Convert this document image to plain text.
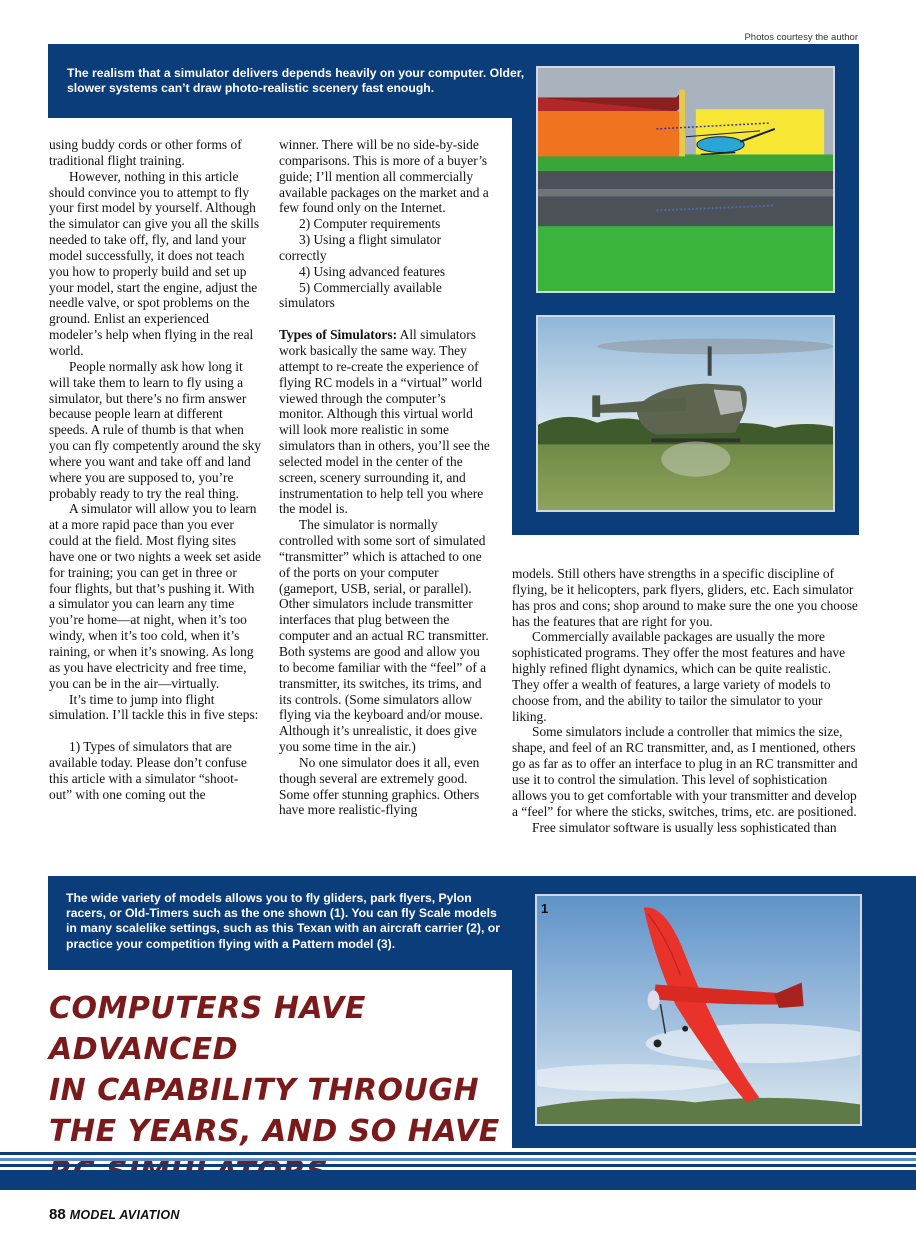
Photos courtesy the author
The realism that a simulator delivers depends heavily on your computer. Older, slower systems can’t draw photo-realistic scenery fast enough.

using buddy cords or other forms of traditional flight training.

However, nothing in this article should convince you to attempt to fly your first model by yourself. Although the simulator can give you all the skills needed to take off, fly, and land your model successfully, it does not teach you how to properly build and set up your model, start the engine, adjust the needle valve, or spot problems on the ground. Enlist an experienced modeler’s help when flying in the real world.

People normally ask how long it will take them to learn to fly using a simulator, but there’s no firm answer because people learn at different speeds. A rule of thumb is that when you can fly competently around the sky where you want and take off and land where you are supposed to, you’re probably ready to try the real thing.

A simulator will allow you to learn at a more rapid pace than you ever could at the field. Most flying sites have one or two nights a week set aside for training; you can get in three or four flights, but that’s pushing it. With a simulator you can learn any time you’re home—at night, when it’s too windy, when it’s too cold, when it’s raining, or when it’s snowing. As long as you have electricity and free time, you can be in the air—virtually.

It’s time to jump into flight simulation. I’ll tackle this in five steps:

1) Types of simulators that are available today. Please don’t confuse this article with a simulator “shoot-out” with one coming out the

winner. There will be no side-by-side comparisons. This is more of a buyer’s guide; I’ll mention all commercially available packages on the market and a few found only on the Internet.

2) Computer requirements

3) Using a flight simulator correctly

4) Using advanced features

5) Commercially available simulators

Types of Simulators: All simulators work basically the same way. They attempt to re-create the experience of flying RC models in a “virtual” world viewed through the computer’s monitor. Although this virtual world will look more realistic in some simulators than in others, you’ll see the selected model in the center of the screen, scenery surrounding it, and instrumentation to help tell you where the model is.

The simulator is normally controlled with some sort of simulated “transmitter” which is attached to one of the ports on your computer (gameport, USB, serial, or parallel). Other simulators include transmitter interfaces that plug between the computer and an actual RC transmitter. Both systems are good and allow you to become familiar with the “feel” of a transmitter, its switches, its trims, and its controls. (Some simulators allow flying via the keyboard and/or mouse. Although it’s unrealistic, it does give you some time in the air.)

No one simulator does it all, even though several are extremely good. Some offer stunning graphics. Others have more realistic-flying

models. Still others have strengths in a specific discipline of flying, be it helicopters, park flyers, gliders, etc. Each simulator has pros and cons; shop around to make sure the one you choose has the features that are right for you.

Commercially available packages are usually the more sophisticated programs. They offer the most features and have highly refined flight dynamics, which can be quite realistic. They offer a wealth of features, a large variety of models to choose from, and the ability to tailor the simulator to your liking.

Some simulators include a controller that mimics the size, shape, and feel of an RC transmitter, and, as I mentioned, others go as far as to offer an interface to plug in an RC transmitter and use it to control the simulation. This level of sophistication allows you to get comfortable with your transmitter and develop a “feel” for where the sticks, switches, trims, etc. are positioned.

Free simulator software is usually less sophisticated than

The wide variety of models allows you to fly gliders, park flyers, Pylon racers, or Old-Timers such as the one shown (1). You can fly Scale models in many scalelike settings, such as this Texan with an aircraft carrier (2), or practice your competition flying with a Pattern model (3).
1
COMPUTERS HAVE ADVANCED
IN CAPABILITY THROUGH
THE YEARS, AND SO HAVE
88 MODEL AVIATION
